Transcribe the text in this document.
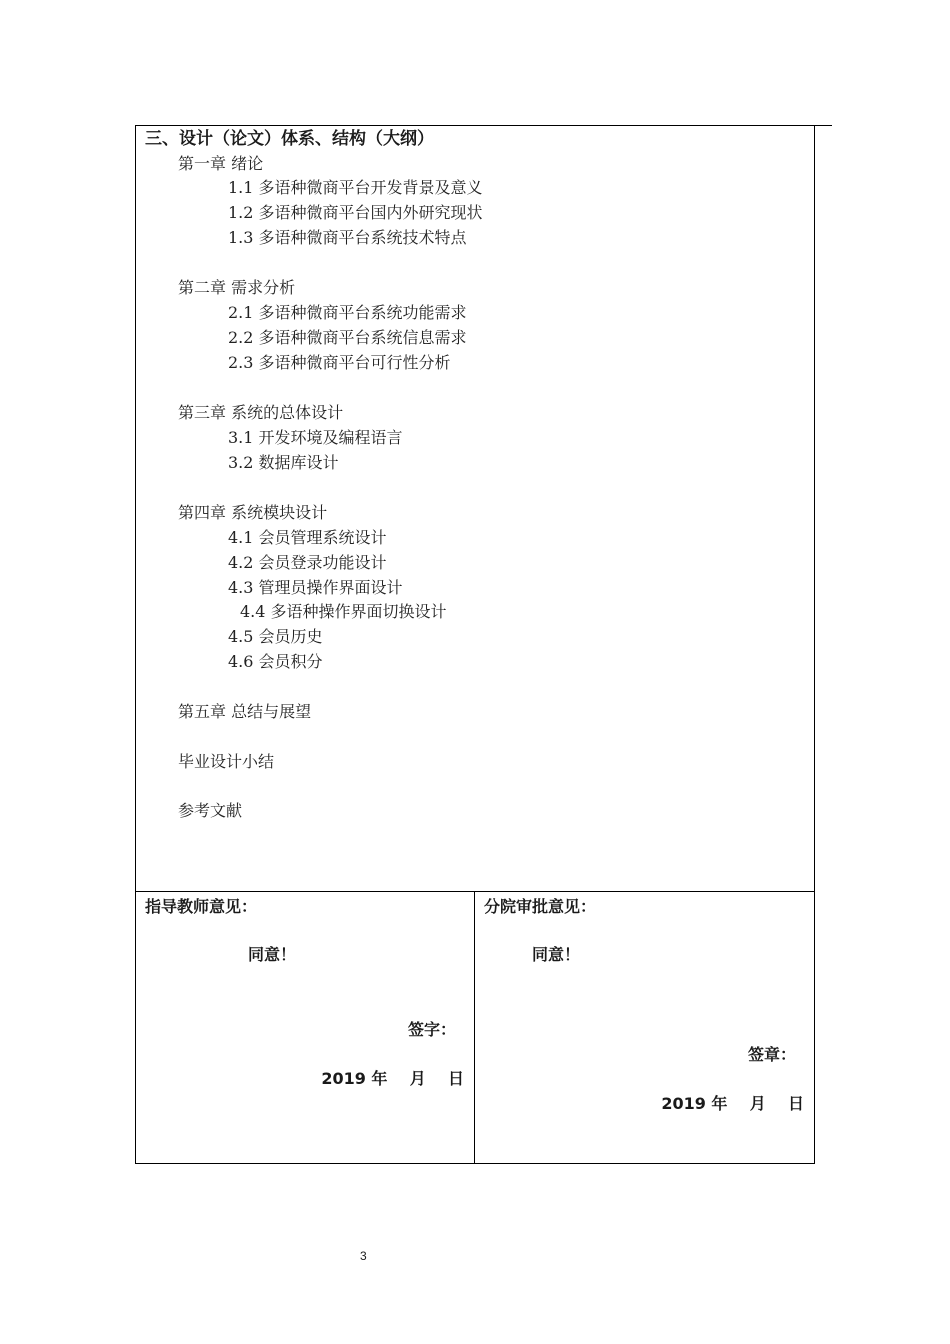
三、设计（论文）体系、结构（大纲）
第一章 绪论
1.1 多语种微商平台开发背景及意义
1.2 多语种微商平台国内外研究现状
1.3 多语种微商平台系统技术特点
第二章 需求分析
2.1 多语种微商平台系统功能需求
2.2 多语种微商平台系统信息需求
2.3 多语种微商平台可行性分析
第三章 系统的总体设计
3.1 开发环境及编程语言
3.2 数据库设计
第四章 系统模块设计
4.1 会员管理系统设计
4.2 会员登录功能设计
4.3 管理员操作界面设计
4.4 多语种操作界面切换设计
4.5 会员历史
4.6 会员积分
第五章 总结与展望
毕业设计小结
参考文献
指导教师意见：
同意！
签字：
2019 年    月    日
分院审批意见：
同意！
签章：
2019 年    月    日
3
